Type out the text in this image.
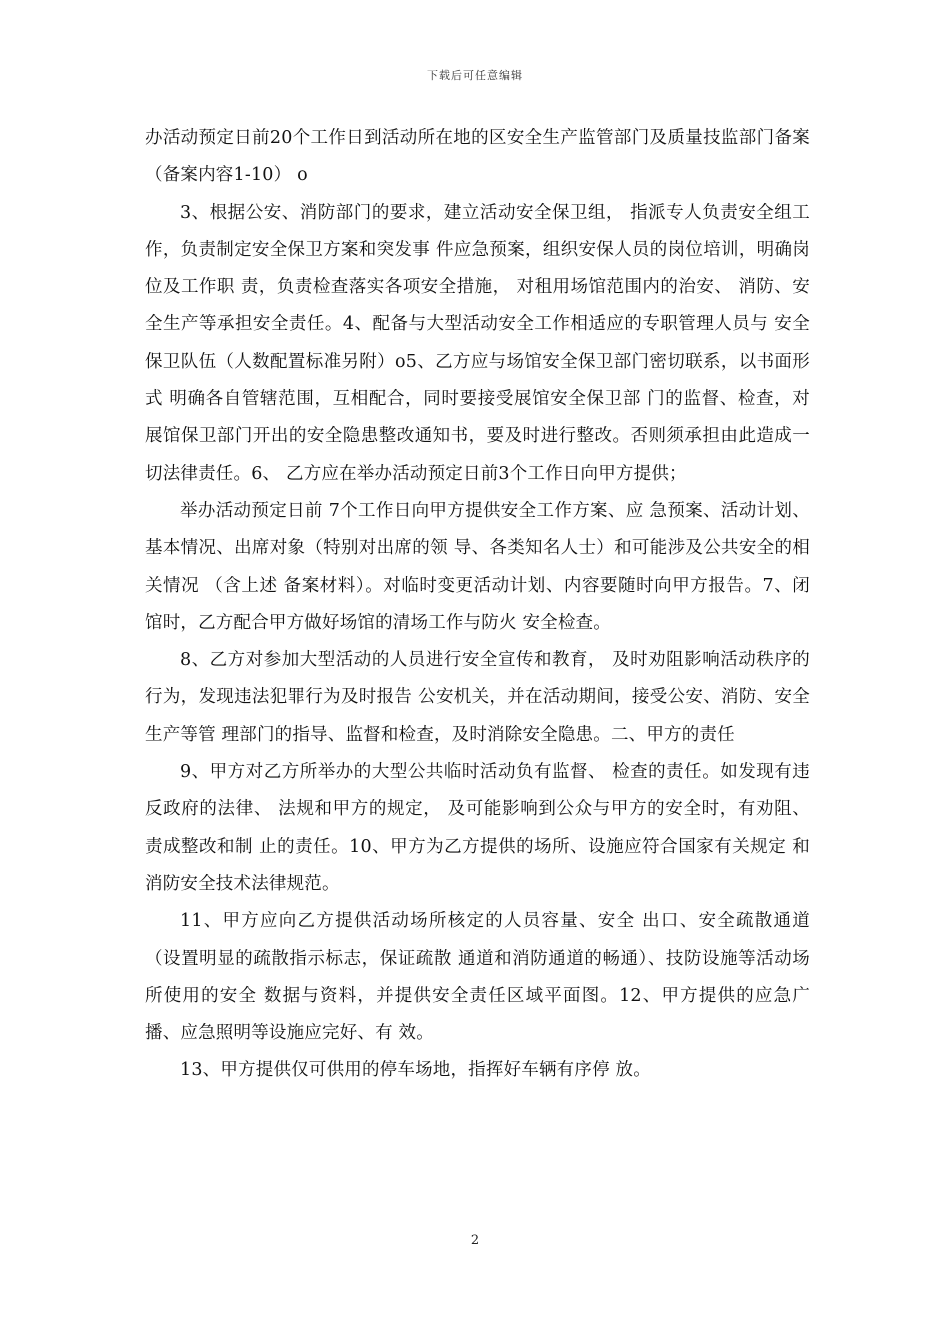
下载后可任意编辑

办活动预定日前20个工作日到活动所在地的区安全生产监管部门及质量技监部门备案（备案内容1-10） o

3、根据公安、消防部门的要求，建立活动安全保卫组， 指派专人负责安全组工作，负责制定安全保卫方案和突发事 件应急预案，组织安保人员的岗位培训，明确岗位及工作职 责，负责检查落实各项安全措施， 对租用场馆范围内的治安、 消防、安全生产等承担安全责任。4、配备与大型活动安全工作相适应的专职管理人员与 安全保卫队伍（人数配置标准另附）o5、乙方应与场馆安全保卫部门密切联系，以书面形式 明确各自管辖范围，互相配合，同时要接受展馆安全保卫部 门的监督、检查，对展馆保卫部门开出的安全隐患整改通知书，要及时进行整改。否则须承担由此造成一切法律责任。6、 乙方应在举办活动预定日前3个工作日向甲方提供；

举办活动预定日前 7个工作日向甲方提供安全工作方案、应 急预案、活动计划、基本情况、出席对象（特别对出席的领 导、各类知名人士）和可能涉及公共安全的相关情况 （含上述 备案材料）。对临时变更活动计划、内容要随时向甲方报告。7、闭馆时，乙方配合甲方做好场馆的清场工作与防火 安全检查。

8、乙方对参加大型活动的人员进行安全宣传和教育， 及时劝阻影响活动秩序的行为，发现违法犯罪行为及时报告 公安机关，并在活动期间，接受公安、消防、安全生产等管 理部门的指导、监督和检查，及时消除安全隐患。二、甲方的责任

9、甲方对乙方所举办的大型公共临时活动负有监督、 检查的责任。如发现有违反政府的法律、 法规和甲方的规定， 及可能影响到公众与甲方的安全时，有劝阻、责成整改和制 止的责任。10、甲方为乙方提供的场所、设施应符合国家有关规定 和消防安全技术法律规范。

11、甲方应向乙方提供活动场所核定的人员容量、安全 出口、安全疏散通道（设置明显的疏散指示标志，保证疏散 通道和消防通道的畅通）、技防设施等活动场所使用的安全 数据与资料，并提供安全责任区域平面图。12、甲方提供的应急广播、应急照明等设施应完好、有 效。

13、甲方提供仅可供用的停车场地，指挥好车辆有序停 放。

2
